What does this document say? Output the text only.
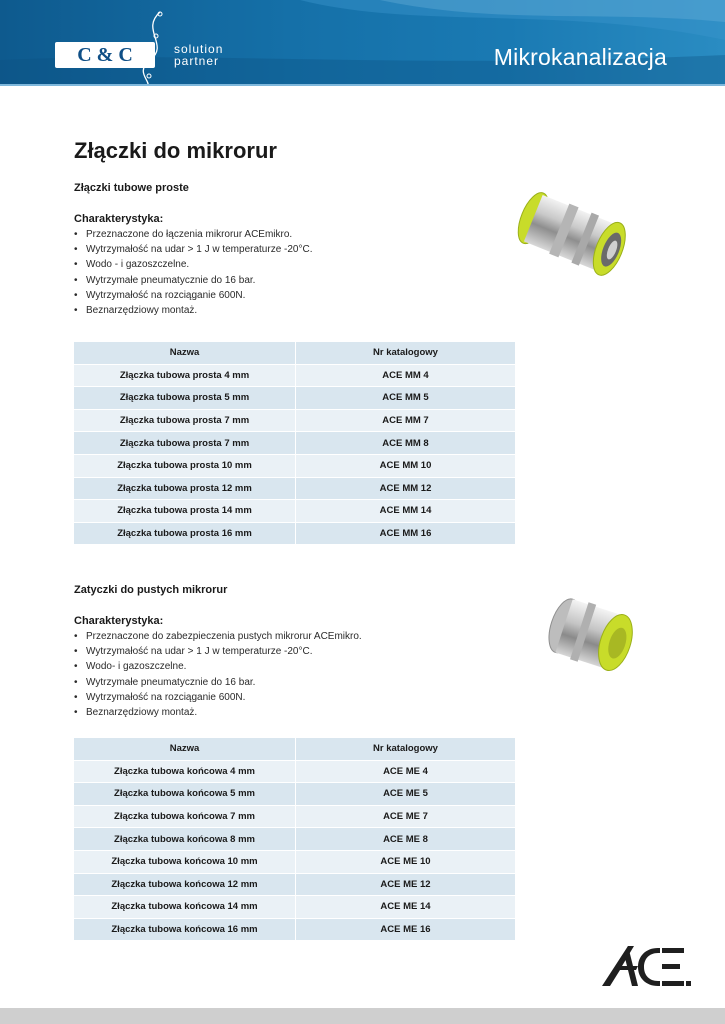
C & C	solution
partner	Mikrokanalizacja
Złączki do mikrorur
Złączki tubowe proste
Charakterystyka:
• Przeznaczone do łączenia mikrorur ACEmikro.
• Wytrzymałość na udar > 1 J w temperaturze -20°C.
• Wodo - i gazoszczelne.
• Wytrzymałe pneumatycznie do 16 bar.
• Wytrzymałość na rozciąganie 600N.
• Beznarzędziowy montaż.
Nazwa	Nr katalogowy
Złączka tubowa prosta 4 mm	ACE MM 4
Złączka tubowa prosta 5 mm	ACE MM 5
Złączka tubowa prosta 7 mm	ACE MM 7
Złączka tubowa prosta 7 mm	ACE MM 8
Złączka tubowa prosta 10 mm	ACE MM 10
Złączka tubowa prosta 12 mm	ACE MM 12
Złączka tubowa prosta 14 mm	ACE MM 14
Złączka tubowa prosta 16 mm	ACE MM 16
Zatyczki do pustych mikrorur
Charakterystyka:
• Przeznaczone do zabezpieczenia pustych mikrorur ACEmikro.
• Wytrzymałość na udar > 1 J w temperaturze -20°C.
• Wodo- i gazoszczelne.
• Wytrzymałe pneumatycznie do 16 bar.
• Wytrzymałość na rozciąganie 600N.
• Beznarzędziowy montaż.
Nazwa	Nr katalogowy
Złączka tubowa końcowa 4 mm	ACE ME 4
Złączka tubowa końcowa 5 mm	ACE ME 5
Złączka tubowa końcowa 7 mm	ACE ME 7
Złączka tubowa końcowa 8 mm	ACE ME 8
Złączka tubowa końcowa 10 mm	ACE ME 10
Złączka tubowa końcowa 12 mm	ACE ME 12
Złączka tubowa końcowa 14 mm	ACE ME 14
Złączka tubowa końcowa 16 mm	ACE ME 16
